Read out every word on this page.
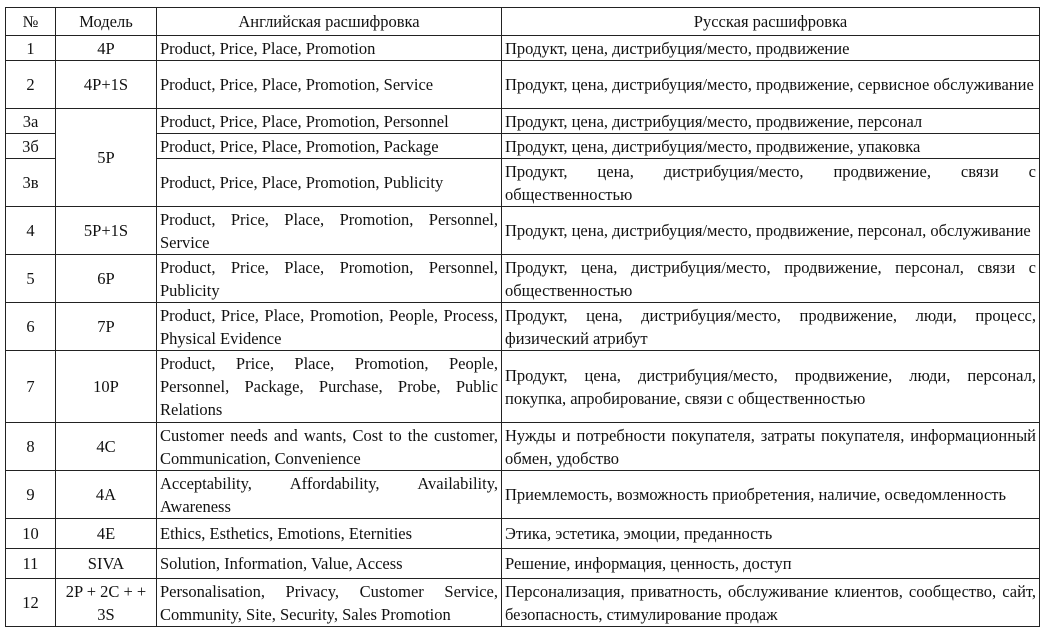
№	Модель	Английская расшифровка	Русская расшифровка
1	4P	Product, Price, Place, Promotion	Продукт, цена, дистрибуция/место, продвижение
2	4P+1S	Product, Price, Place, Promotion, Service	Продукт, цена, дистрибуция/место, продвижение, сервисное обслуживание
3а	5P	Product, Price, Place, Promotion, Personnel	Продукт, цена, дистрибуция/место, продвижение, персонал
3б		Product, Price, Place, Promotion, Package	Продукт, цена, дистрибуция/место, продвижение, упаковка
3в		Product, Price, Place, Promotion, Publicity	Продукт, цена, дистрибуция/место, продвижение, связи с общественностью
4	5P+1S	Product, Price, Place, Promotion, Personnel, Service	Продукт, цена, дистрибуция/место, продвижение, персонал, обслуживание
5	6P	Product, Price, Place, Promotion, Personnel, Publicity	Продукт, цена, дистрибуция/место, продвижение, персонал, связи с общественностью
6	7P	Product, Price, Place, Promotion, People, Process, Physical Evidence	Продукт, цена, дистрибуция/место, продвижение, люди, процесс, физический атрибут
7	10P	Product, Price, Place, Promotion, People, Personnel, Package, Purchase, Probe, Public Relations	Продукт, цена, дистрибуция/место, продвижение, люди, персонал, покупка, апробирование, связи с общественностью
8	4C	Customer needs and wants, Cost to the customer, Communication, Convenience	Нужды и потребности покупателя, затраты покупателя, информационный обмен, удобство
9	4A	Acceptability, Affordability, Availability, Awareness	Приемлемость, возможность приобретения, наличие, осведомленность
10	4E	Ethics, Esthetics, Emotions, Eternities	Этика, эстетика, эмоции, преданность
11	SIVA	Solution, Information, Value, Access	Решение, информация, ценность, доступ
12	2P + 2C + + 3S	Personalisation, Privacy, Customer Service, Community, Site, Security, Sales Promotion	Персонализация, приватность, обслуживание клиентов, сообщество, сайт, безопасность, стимулирование продаж
